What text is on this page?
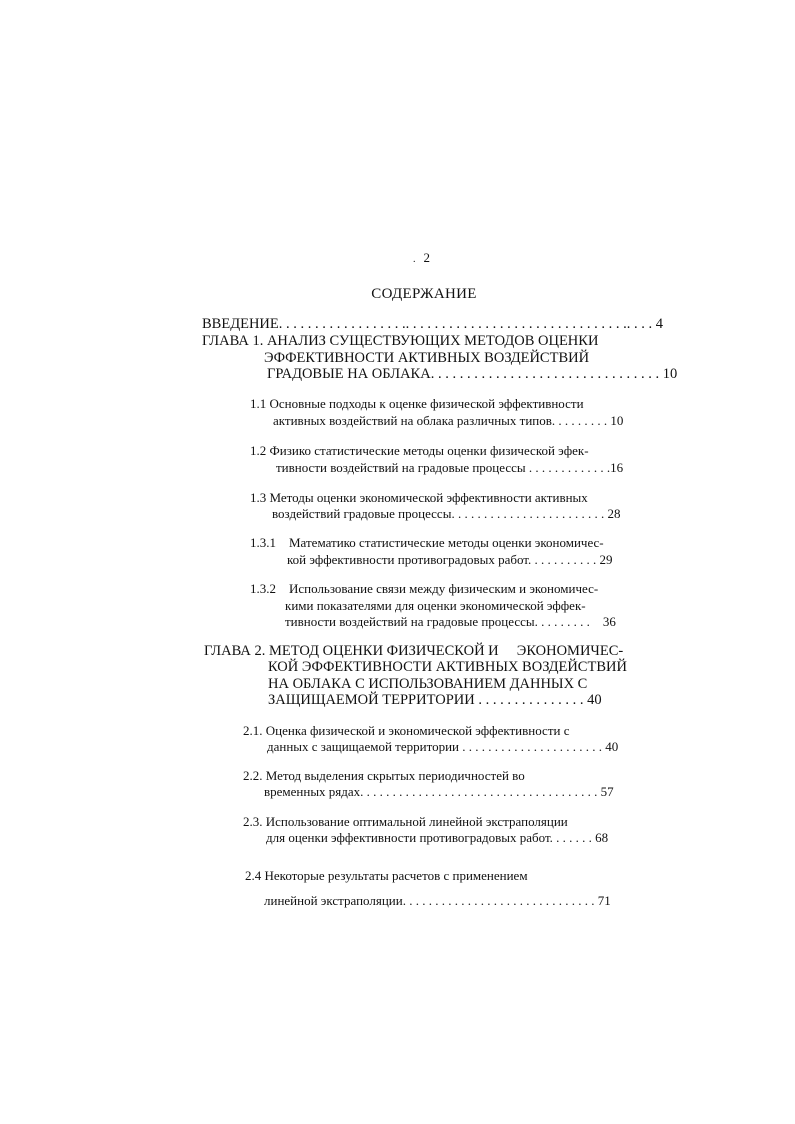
. 2
СОДЕРЖАНИЕ
ВВЕДЕНИЕ. . . . . . . . . . . . . . . . . .. . . . . . . . . . . . . . . . . . . . . . . . . . . . . . .. . . . 4
ГЛАВА 1. АНАЛИЗ СУЩЕСТВУЮЩИХ МЕТОДОВ ОЦЕНКИ
ЭФФЕКТИВНОСТИ АКТИВНЫХ ВОЗДЕЙСТВИЙ
ГРАДОВЫЕ НА ОБЛАКА. . . . . . . . . . . . . . . . . . . . . . . . . . . . . . . . 10
1.1 Основные подходы к оценке физической эффективности
активных воздействий на облака различных типов. . . . . . . . . 10
1.2 Физико статистические методы оценки физической эфек-
тивности воздействий на градовые процессы . . . . . . . . . . . . .16
1.3 Методы оценки экономической эффективности активных
воздействий градовые процессы. . . . . . . . . . . . . . . . . . . . . . . . 28
1.3.1 Математико статистические методы оценки экономичес-
кой эффективности противоградовых работ. . . . . . . . . . . 29
1.3.2 Использование связи между физическим и экономичес-
кими показателями для оценки экономической эффек-
тивности воздействий на градовые процессы. . . . . . . . . 36
ГЛАВА 2. МЕТОД ОЦЕНКИ ФИЗИЧЕСКОЙ И     ЭКОНОМИЧЕС-
КОЙ ЭФФЕКТИВНОСТИ АКТИВНЫХ ВОЗДЕЙСТВИЙ
НА ОБЛАКА С ИСПОЛЬЗОВАНИЕМ ДАННЫХ С
ЗАЩИЩАЕМОЙ ТЕРРИТОРИИ . . . . . . . . . . . . . . . 40
2.1. Оценка физической и экономической эффективности с
данных с защищаемой территории . . . . . . . . . . . . . . . . . . . . . . 40
2.2. Метод выделения скрытых периодичностей во
временных рядах. . . . . . . . . . . . . . . . . . . . . . . . . . . . . . . . . . . . . 57
2.3. Использование оптимальной линейной экстраполяции
для оценки эффективности противоградовых работ. . . . . . . 68
2.4 Некоторые результаты расчетов с применением
линейной экстраполяции. . . . . . . . . . . . . . . . . . . . . . . . . . . . . . 71
